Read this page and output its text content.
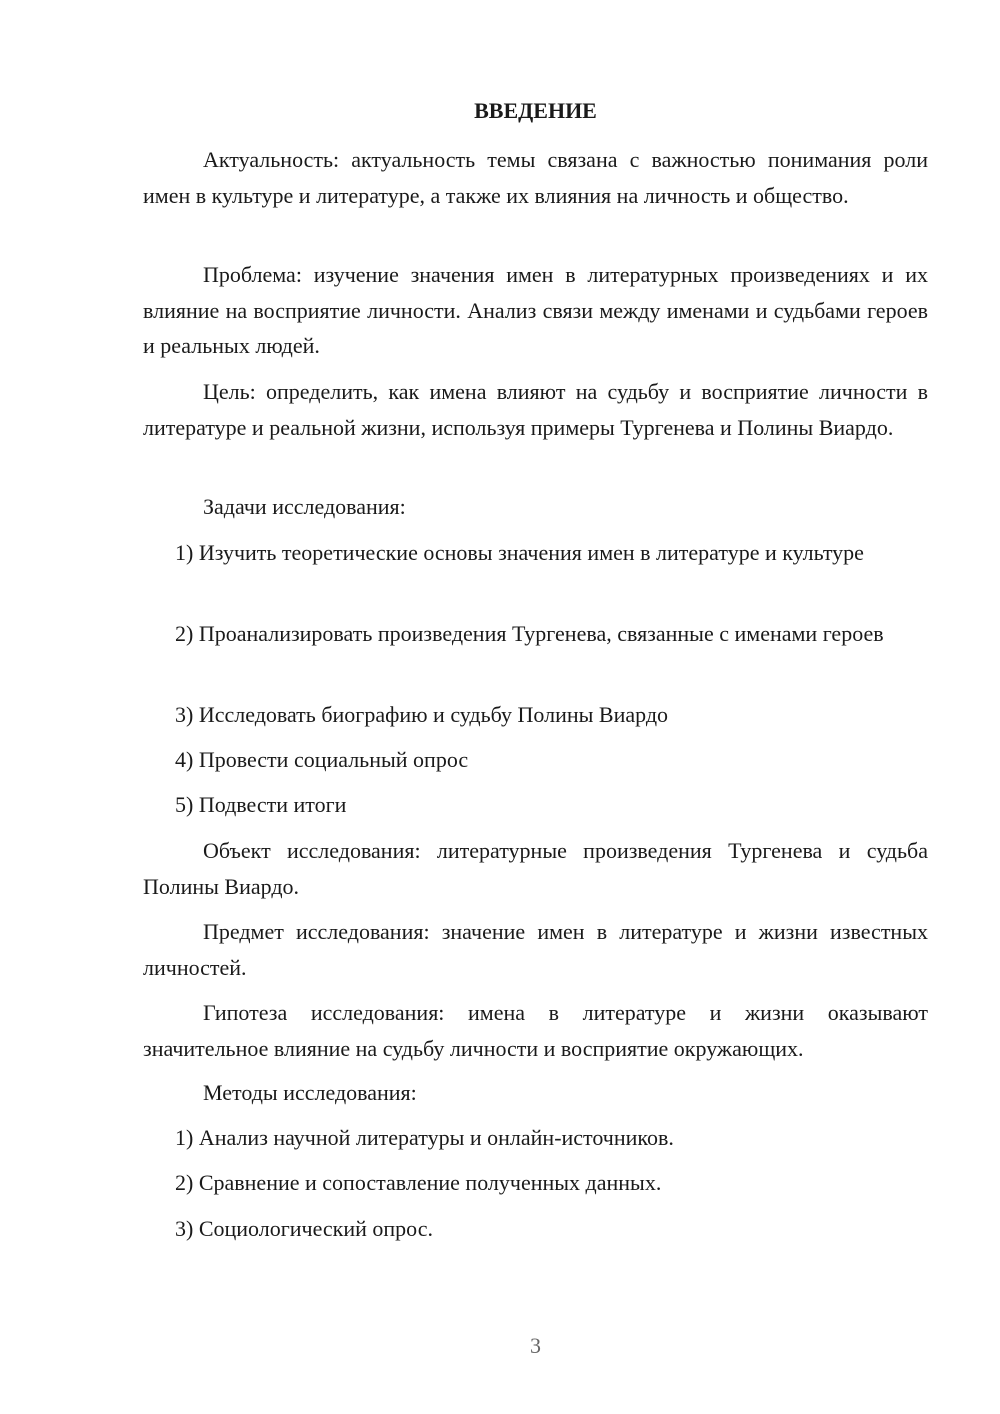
ВВЕДЕНИЕ

Актуальность: актуальность темы связана с важностью понимания роли имен в культуре и литературе, а также их влияния на личность и общество.

Проблема: изучение значения имен в литературных произведениях и их влияние на восприятие личности. Анализ связи между именами и судьбами героев и реальных людей.

Цель: определить, как имена влияют на судьбу и восприятие личности в литературе и реальной жизни, используя примеры Тургенева и Полины Виардо.

Задачи исследования:

1) Изучить теоретические основы значения имен в литературе и культуре

2) Проанализировать произведения Тургенева, связанные с именами героев

3) Исследовать биографию и судьбу Полины Виардо

4) Провести социальный опрос

5) Подвести итоги

Объект исследования: литературные произведения Тургенева и судьба Полины Виардо.

Предмет исследования: значение имен в литературе и жизни известных личностей.

Гипотеза исследования: имена в литературе и жизни оказывают значительное влияние на судьбу личности и восприятие окружающих.

Методы исследования:

1) Анализ научной литературы и онлайн-источников.

2) Сравнение и сопоставление полученных данных.

3) Социологический опрос.

3
